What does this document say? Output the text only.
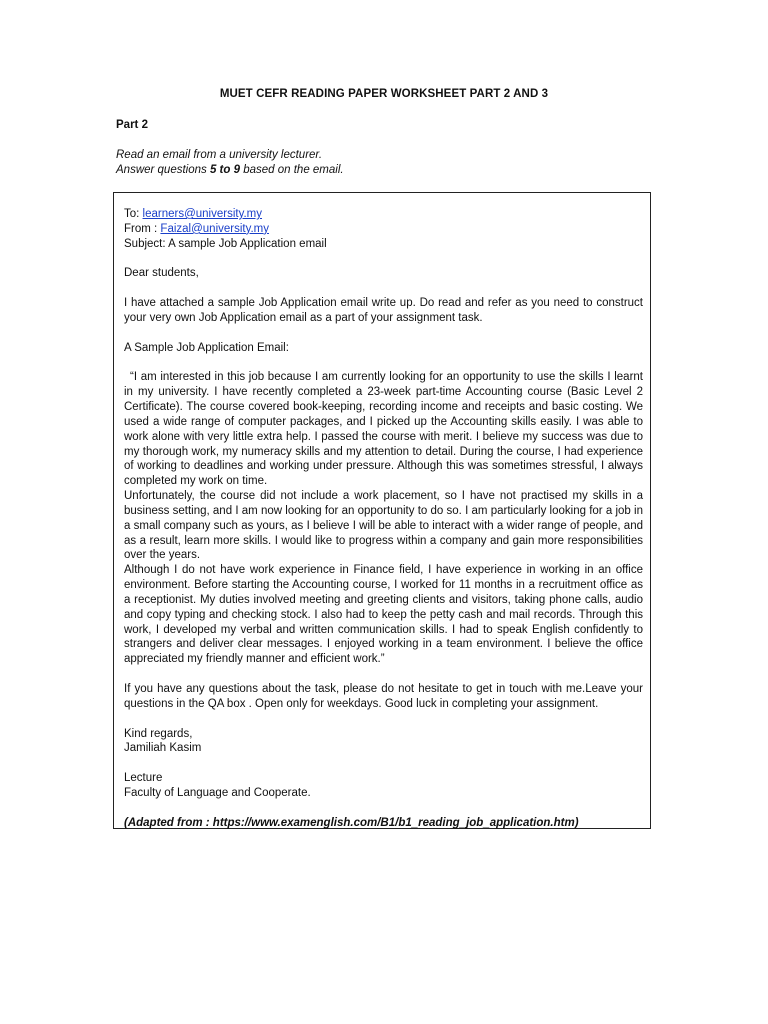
MUET CEFR READING PAPER WORKSHEET PART 2 AND 3
Part 2
Read an email from a university lecturer.
Answer questions 5 to 9 based on the email.

To: learners@university.my

From : Faizal@university.my

Subject: A sample Job Application email

Dear students,

I have attached a sample Job Application email write up. Do read and refer as you need to construct your very own Job Application email as a part of your assignment task.

A Sample Job Application Email:

“I am interested in this job because I am currently looking for an opportunity to use the skills I learnt in my university. I have recently completed a 23-week part-time Accounting course (Basic Level 2 Certificate). The course covered book-keeping, recording income and receipts and basic costing. We used a wide range of computer packages, and I picked up the Accounting skills easily. I was able to work alone with very little extra help. I passed the course with merit. I believe my success was due to my thorough work, my numeracy skills and my attention to detail. During the course, I had experience of working to deadlines and working under pressure. Although this was sometimes stressful, I always completed my work on time.

Unfortunately, the course did not include a work placement, so I have not practised my skills in a business setting, and I am now looking for an opportunity to do so. I am particularly looking for a job in a small company such as yours, as I believe I will be able to interact with a wider range of people, and as a result, learn more skills. I would like to progress within a company and gain more responsibilities over the years.

Although I do not have work experience in Finance field, I have experience in working in an office environment. Before starting the Accounting course, I worked for 11 months in a recruitment office as a receptionist. My duties involved meeting and greeting clients and visitors, taking phone calls, audio and copy typing and checking stock. I also had to keep the petty cash and mail records. Through this work, I developed my verbal and written communication skills. I had to speak English confidently to strangers and deliver clear messages. I enjoyed working in a team environment. I believe the office appreciated my friendly manner and efficient work.”

If you have any questions about the task, please do not hesitate to get in touch with me.Leave your questions in the QA box . Open only for weekdays. Good luck in completing your assignment.

Kind regards,

Jamiliah Kasim

Lecture

Faculty of Language and Cooperate.

(Adapted from : https://www.examenglish.com/B1/b1_reading_job_application.htm)
